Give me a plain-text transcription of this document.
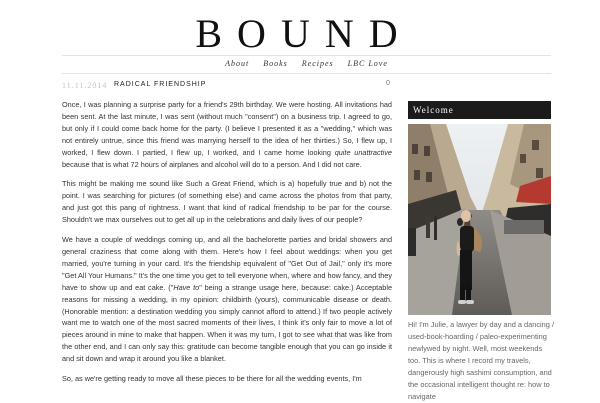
BOUND
About Books Recipes LBC Love
11.11.2014 RADICAL FRIENDSHIP	0

Once, I was planning a surprise party for a friend's 29th birthday. We were hosting. All invitations had been sent. At the last minute, I was sent (without much "consent") on a business trip. I agreed to go, but only if I could come back home for the party. (I believe I presented it as a "wedding," which was not entirely untrue, since this friend was marrying herself to the idea of her thirties.) So, I flew up, I worked, I flew down. I partied, I flew up, I worked, and I came home looking quite unattractive because that is what 72 hours of airplanes and alcohol will do to a person. And I did not care.

This might be making me sound like Such a Great Friend, which is a) hopefully true and b) not the point. I was searching for pictures (of something else) and came across the photos from that party, and just got this pang of rightness. I want that kind of radical friendship to be par for the course. Shouldn't we max ourselves out to get all up in the celebrations and daily lives of our people?

We have a couple of weddings coming up, and all the bachelorette parties and bridal showers and general craziness that come along with them. Here's how I feel about weddings: when you get married, you're turning in your card. It's the friendship equivalent of "Get Out of Jail," only it's more "Get All Your Humans." It's the one time you get to tell everyone when, where and how fancy, and they have to show up and eat cake. ("Have to" being a strange usage here, because: cake.) Acceptable reasons for missing a wedding, in my opinion: childbirth (yours), communicable disease or death. (Honorable mention: a destination wedding you simply cannot afford to attend.) If two people actively want me to watch one of the most sacred moments of their lives, I think it's only fair to move a lot of pieces around in mine to make that happen. When it was my turn, I got to see what that was like from the other end, and I can only say this: gratitude can become tangible enough that you can go inside it and sit down and wrap it around you like a blanket.

So, as we're getting ready to move all these pieces to be there for all the wedding events, I'm

Welcome
Hi! I'm Julie, a lawyer by day and a dancing / used-book-hoarding / paleo-experimenting newlywed by night. Well, most weekends too. This is where I record my travels, dangerously high sashimi consumption, and the occasional intelligent thought re: how to navigate
